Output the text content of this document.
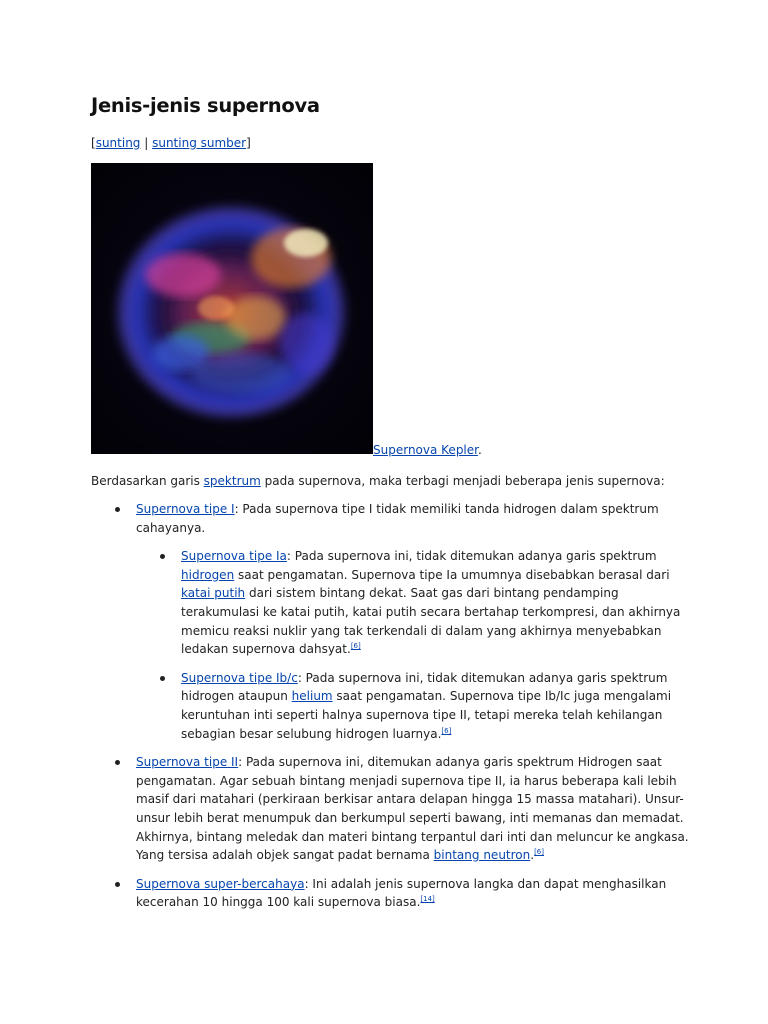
Jenis-jenis supernova
[sunting | sunting sumber]
Supernova Kepler.
Berdasarkan garis spektrum pada supernova, maka terbagi menjadi beberapa jenis supernova:
Supernova tipe I: Pada supernova tipe I tidak memiliki tanda hidrogen dalam spektrum cahayanya.
Supernova tipe Ia: Pada supernova ini, tidak ditemukan adanya garis spektrum hidrogen saat pengamatan. Supernova tipe Ia umumnya disebabkan berasal dari katai putih dari sistem bintang dekat. Saat gas dari bintang pendamping terakumulasi ke katai putih, katai putih secara bertahap terkompresi, dan akhirnya memicu reaksi nuklir yang tak terkendali di dalam yang akhirnya menyebabkan ledakan supernova dahsyat.[6]
Supernova tipe Ib/c: Pada supernova ini, tidak ditemukan adanya garis spektrum hidrogen ataupun helium saat pengamatan. Supernova tipe Ib/Ic juga mengalami keruntuhan inti seperti halnya supernova tipe II, tetapi mereka telah kehilangan sebagian besar selubung hidrogen luarnya.[6]
Supernova tipe II: Pada supernova ini, ditemukan adanya garis spektrum Hidrogen saat pengamatan. Agar sebuah bintang menjadi supernova tipe II, ia harus beberapa kali lebih masif dari matahari (perkiraan berkisar antara delapan hingga 15 massa matahari). Unsur-unsur lebih berat menumpuk dan berkumpul seperti bawang, inti memanas dan memadat. Akhirnya, bintang meledak dan materi bintang terpantul dari inti dan meluncur ke angkasa. Yang tersisa adalah objek sangat padat bernama bintang neutron.[6]
Supernova super-bercahaya: Ini adalah jenis supernova langka dan dapat menghasilkan kecerahan 10 hingga 100 kali supernova biasa.[14]
